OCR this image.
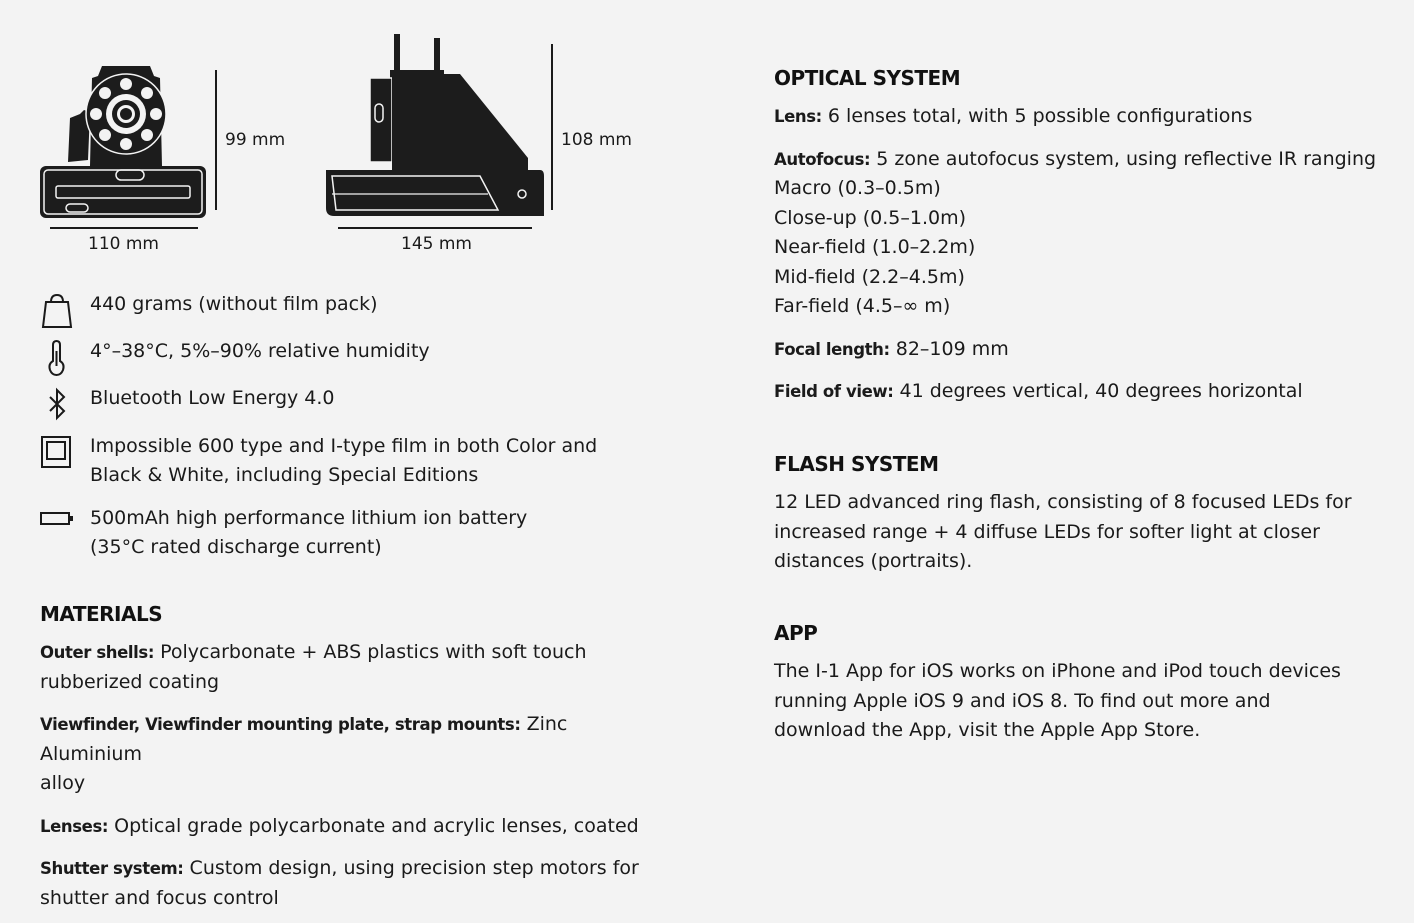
99 mm
110 mm
108 mm
145 mm
440 grams (without film pack)
4°–38°C, 5%–90% relative humidity
Bluetooth Low Energy 4.0
Impossible 600 type and I-type film in both Color and
Black & White, including Special Editions
500mAh high performance lithium ion battery
(35°C rated discharge current)
MATERIALS
Outer shells: Polycarbonate + ABS plastics with soft touch
rubberized coating
Viewfinder, Viewfinder mounting plate, strap mounts: Zinc Aluminium
alloy
Lenses: Optical grade polycarbonate and acrylic lenses, coated
Shutter system: Custom design, using precision step motors for
shutter and focus control
OPTICAL SYSTEM
Lens: 6 lenses total, with 5 possible configurations
Autofocus: 5 zone autofocus system, using reflective IR ranging
Macro (0.3–0.5m)
Close-up (0.5–1.0m)
Near-field (1.0–2.2m)
Mid-field (2.2–4.5m)
Far-field (4.5–∞ m)
Focal length: 82–109 mm
Field of view: 41 degrees vertical, 40 degrees horizontal
FLASH SYSTEM
12 LED advanced ring flash, consisting of 8 focused LEDs for
increased range + 4 diffuse LEDs for softer light at closer
distances (portraits).
APP
The I-1 App for iOS works on iPhone and iPod touch devices
running Apple iOS 9 and iOS 8. To find out more and
download the App, visit the Apple App Store.
